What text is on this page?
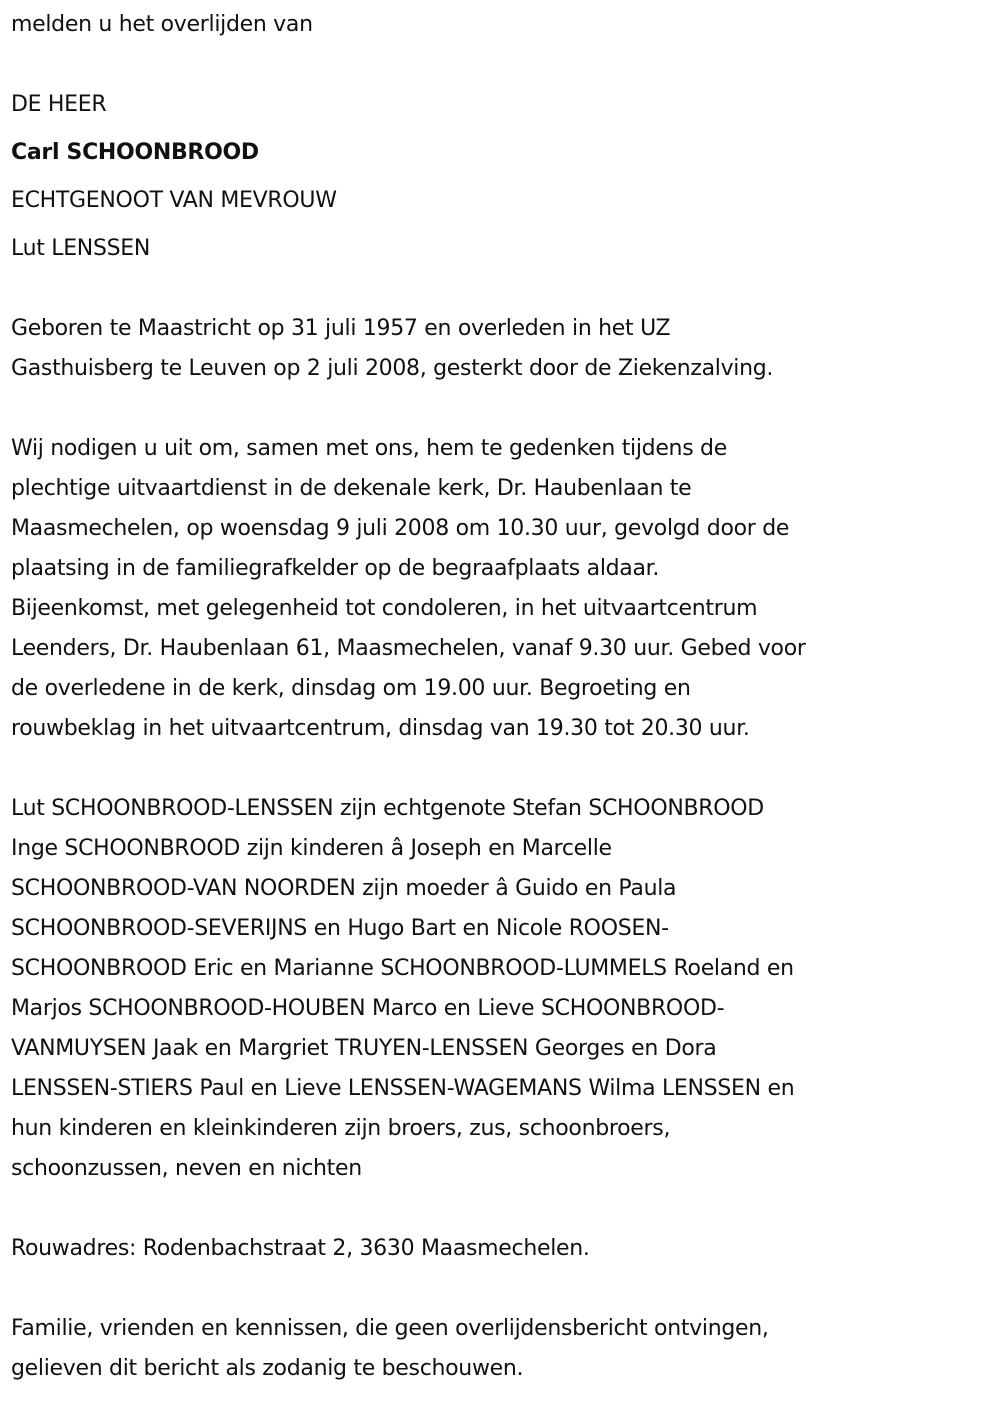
melden u het overlijden van
DE HEER
Carl SCHOONBROOD
ECHTGENOOT VAN MEVROUW
Lut LENSSEN
Geboren te Maastricht op 31 juli 1957 en overleden in het UZ
Gasthuisberg te Leuven op 2 juli 2008, gesterkt door de Ziekenzalving.
Wij nodigen u uit om, samen met ons, hem te gedenken tijdens de
plechtige uitvaartdienst in de dekenale kerk, Dr. Haubenlaan te
Maasmechelen, op woensdag 9 juli 2008 om 10.30 uur, gevolgd door de
plaatsing in de familiegrafkelder op de begraafplaats aldaar.
Bijeenkomst, met gelegenheid tot condoleren, in het uitvaartcentrum
Leenders, Dr. Haubenlaan 61, Maasmechelen, vanaf 9.30 uur. Gebed voor
de overledene in de kerk, dinsdag om 19.00 uur. Begroeting en
rouwbeklag in het uitvaartcentrum, dinsdag van 19.30 tot 20.30 uur.
Lut SCHOONBROOD-LENSSEN zijn echtgenote Stefan SCHOONBROOD
Inge SCHOONBROOD zijn kinderen â Joseph en Marcelle
SCHOONBROOD-VAN NOORDEN zijn moeder â Guido en Paula
SCHOONBROOD-SEVERIJNS en Hugo Bart en Nicole ROOSEN-
SCHOONBROOD Eric en Marianne SCHOONBROOD-LUMMELS Roeland en
Marjos SCHOONBROOD-HOUBEN Marco en Lieve SCHOONBROOD-
VANMUYSEN Jaak en Margriet TRUYEN-LENSSEN Georges en Dora
LENSSEN-STIERS Paul en Lieve LENSSEN-WAGEMANS Wilma LENSSEN en
hun kinderen en kleinkinderen zijn broers, zus, schoonbroers,
schoonzussen, neven en nichten
Rouwadres: Rodenbachstraat 2, 3630 Maasmechelen.
Familie, vrienden en kennissen, die geen overlijdensbericht ontvingen,
gelieven dit bericht als zodanig te beschouwen.
